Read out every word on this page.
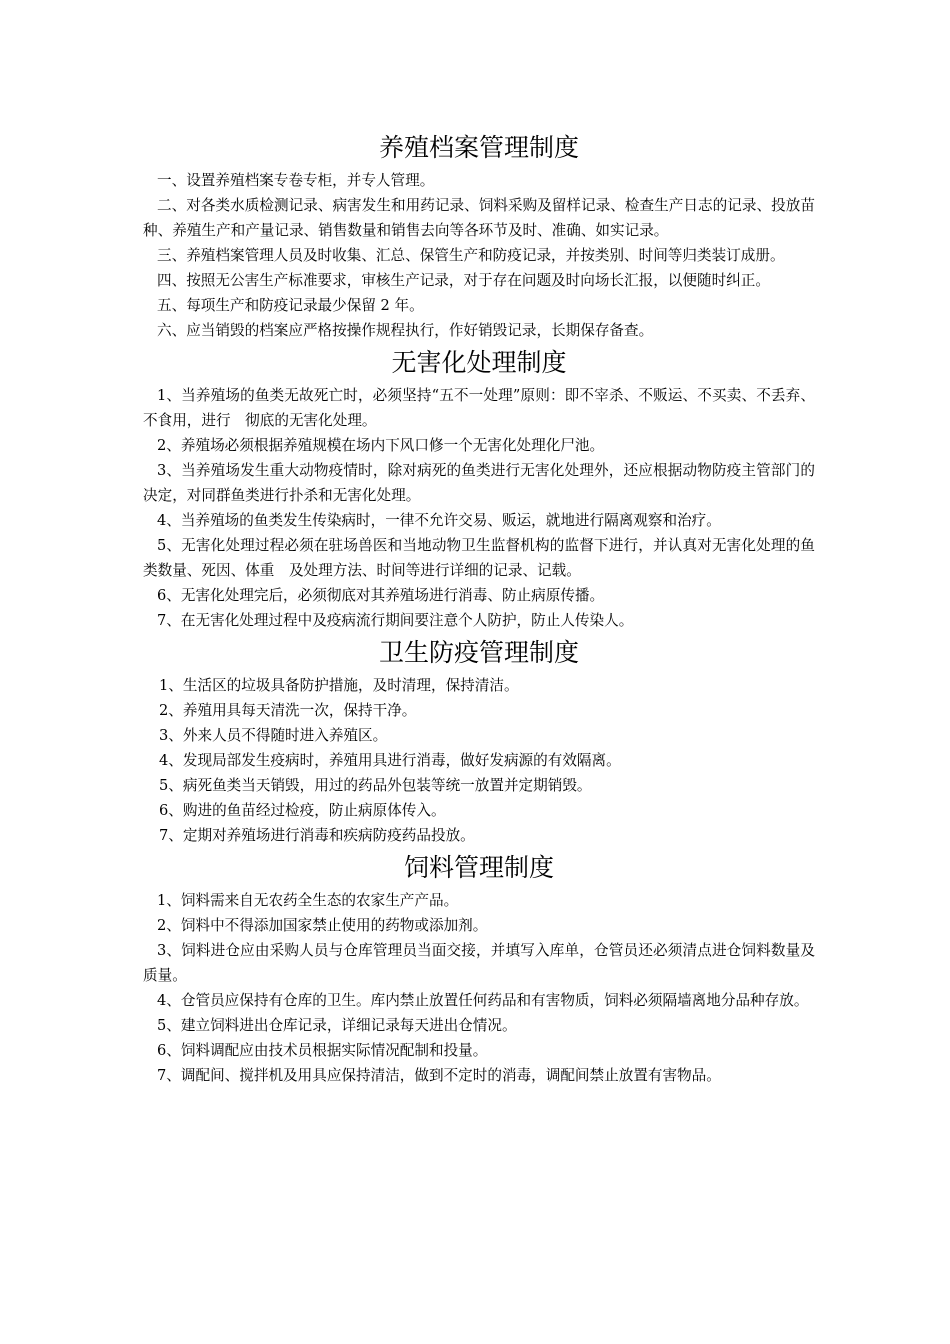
养殖档案管理制度

一、设置养殖档案专卷专柜，并专人管理。

二、对各类水质检测记录、病害发生和用药记录、饲料采购及留样记录、检查生产日志的记录、投放苗种、养殖生产和产量记录、销售数量和销售去向等各环节及时、准确、如实记录。

三、养殖档案管理人员及时收集、汇总、保管生产和防疫记录，并按类别、时间等归类装订成册。

四、按照无公害生产标准要求，审核生产记录，对于存在问题及时向场长汇报，以便随时纠正。

五、每项生产和防疫记录最少保留 2 年。

六、应当销毁的档案应严格按操作规程执行，作好销毁记录，长期保存备查。

无害化处理制度

1、当养殖场的鱼类无故死亡时，必须坚持“五不一处理”原则：即不宰杀、不贩运、不买卖、不丢弃、不食用，进行　彻底的无害化处理。

2、养殖场必须根据养殖规模在场内下风口修一个无害化处理化尸池。

3、当养殖场发生重大动物疫情时，除对病死的鱼类进行无害化处理外，还应根据动物防疫主管部门的决定，对同群鱼类进行扑杀和无害化处理。

4、当养殖场的鱼类发生传染病时，一律不允许交易、贩运，就地进行隔离观察和治疗。

5、无害化处理过程必须在驻场兽医和当地动物卫生监督机构的监督下进行，并认真对无害化处理的鱼类数量、死因、体重　及处理方法、时间等进行详细的记录、记载。

6、无害化处理完后，必须彻底对其养殖场进行消毒、防止病原传播。

7、在无害化处理过程中及疫病流行期间要注意个人防护，防止人传染人。

卫生防疫管理制度

1、生活区的垃圾具备防护措施，及时清理，保持清洁。

2、养殖用具每天清洗一次，保持干净。

3、外来人员不得随时进入养殖区。

4、发现局部发生疫病时，养殖用具进行消毒，做好发病源的有效隔离。

5、病死鱼类当天销毁，用过的药品外包装等统一放置并定期销毁。

6、购进的鱼苗经过检疫，防止病原体传入。

7、定期对养殖场进行消毒和疾病防疫药品投放。

饲料管理制度

1、饲料需来自无农药全生态的农家生产产品。

2、饲料中不得添加国家禁止使用的药物或添加剂。

3、饲料进仓应由采购人员与仓库管理员当面交接，并填写入库单，仓管员还必须清点进仓饲料数量及质量。

4、仓管员应保持有仓库的卫生。库内禁止放置任何药品和有害物质，饲料必须隔墙离地分品种存放。

5、建立饲料进出仓库记录，详细记录每天进出仓情况。

6、饲料调配应由技术员根据实际情况配制和投量。

7、调配间、搅拌机及用具应保持清洁，做到不定时的消毒，调配间禁止放置有害物品。
